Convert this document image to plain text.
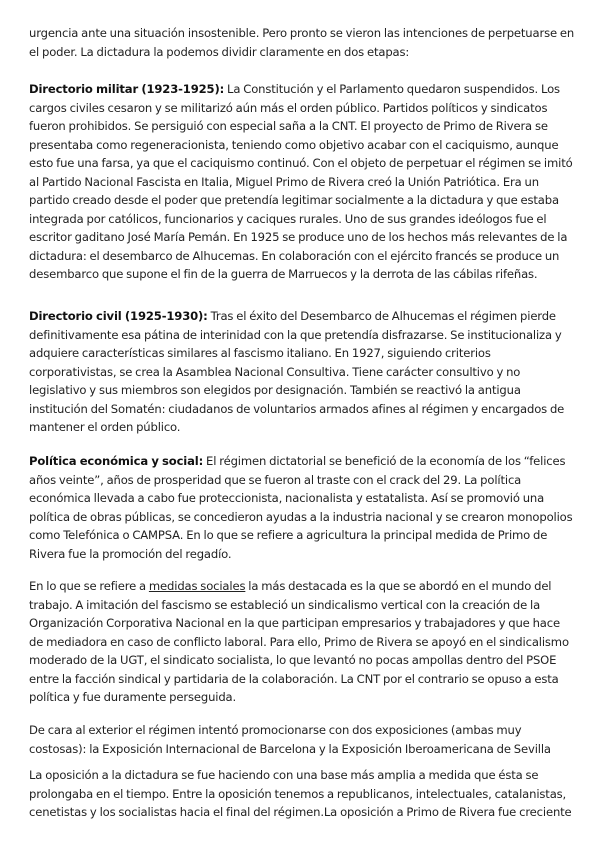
urgencia ante una situación insostenible. Pero pronto se vieron las intenciones de perpetuarse en el poder. La dictadura la podemos dividir claramente en dos etapas:

Directorio militar (1923-1925): La Constitución y el Parlamento quedaron suspendidos. Los cargos civiles cesaron y se militarizó aún más el orden público. Partidos políticos y sindicatos fueron prohibidos. Se persiguió con especial saña a la CNT. El proyecto de Primo de Rivera se presentaba como regeneracionista, teniendo como objetivo acabar con el caciquismo, aunque esto fue una farsa, ya que el caciquismo continuó. Con el objeto de perpetuar el régimen se imitó al Partido Nacional Fascista en Italia, Miguel Primo de Rivera creó la Unión Patriótica. Era un partido creado desde el poder que pretendía legitimar socialmente a la dictadura y que estaba integrada por católicos, funcionarios y caciques rurales. Uno de sus grandes ideólogos fue el escritor gaditano José María Pemán. En 1925 se produce uno de los hechos más relevantes de la dictadura: el desembarco de Alhucemas. En colaboración con el ejército francés se produce un desembarco que supone el fin de la guerra de Marruecos y la derrota de las cábilas rifeñas.

Directorio civil (1925-1930): Tras el éxito del Desembarco de Alhucemas el régimen pierde definitivamente esa pátina de interinidad con la que pretendía disfrazarse. Se institucionaliza y adquiere características similares al fascismo italiano. En 1927, siguiendo criterios corporativistas, se crea la Asamblea Nacional Consultiva. Tiene carácter consultivo y no legislativo y sus miembros son elegidos por designación. También se reactivó la antigua institución del Somatén: ciudadanos de voluntarios armados afines al régimen y encargados de mantener el orden público.

Política económica y social: El régimen dictatorial se benefició de la economía de los “felices años veinte”, años de prosperidad que se fueron al traste con el crack del 29. La política económica llevada a cabo fue proteccionista, nacionalista y estatalista. Así se promovió una política de obras públicas, se concedieron ayudas a la industria nacional y se crearon monopolios como Telefónica o CAMPSA. En lo que se refiere a agricultura la principal medida de Primo de Rivera fue la promoción del regadío.

En lo que se refiere a medidas sociales la más destacada es la que se abordó en el mundo del trabajo. A imitación del fascismo se estableció un sindicalismo vertical con la creación de la Organización Corporativa Nacional en la que participan empresarios y trabajadores y que hace de mediadora en caso de conflicto laboral. Para ello, Primo de Rivera se apoyó en el sindicalismo moderado de la UGT, el sindicato socialista, lo que levantó no pocas ampollas dentro del PSOE entre la facción sindical y partidaria de la colaboración. La CNT por el contrario se opuso a esta política y fue duramente perseguida.

De cara al exterior el régimen intentó promocionarse con dos exposiciones (ambas muy costosas): la Exposición Internacional de Barcelona y la Exposición Iberoamericana de Sevilla

La oposición a la dictadura se fue haciendo con una base más amplia a medida que ésta se prolongaba en el tiempo. Entre la oposición tenemos a republicanos, intelectuales, catalanistas, cenetistas y los socialistas hacia el final del régimen.La oposición a Primo de Rivera fue creciente
